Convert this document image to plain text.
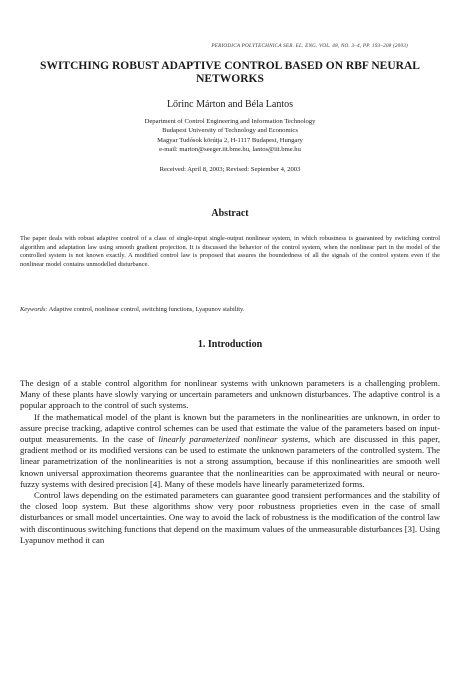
PERIODICA POLYTECHNICA SER. EL. ENG. VOL. 48, NO. 3–4, PP. 193–208 (2003)
SWITCHING ROBUST ADAPTIVE CONTROL BASED ON RBF NEURAL NETWORKS
Lőrinc Márton and Béla Lantos
Department of Control Engineering and Information Technology
Budapest University of Technology and Economics
Magyar Tudósok körútja 2, H-1117 Budapest, Hungary
e-mail: marton@seeger.iit.bme.hu, lantos@iit.bme.hu
Received: April 8, 2003; Revised: September 4, 2003
Abstract
The paper deals with robust adaptive control of a class of single-input single-output nonlinear system, in which robustness is guaranteed by switching control algorithm and adaptation law using smooth gradient projection. It is discussed the behavior of the control system, when the nonlinear part in the model of the controlled system is not known exactly. A modified control law is proposed that assures the boundedness of all the signals of the control system even if the nonlinear model contains unmodelled disturbance.
Keywords: Adaptive control, nonlinear control, switching functions, Lyapunov stability.
1. Introduction

The design of a stable control algorithm for nonlinear systems with unknown parameters is a challenging problem. Many of these plants have slowly varying or uncertain parameters and unknown disturbances. The adaptive control is a popular approach to the control of such systems.

If the mathematical model of the plant is known but the parameters in the nonlinearities are unknown, in order to assure precise tracking, adaptive control schemes can be used that estimate the value of the parameters based on input-output measurements. In the case of linearly parameterized nonlinear systems, which are discussed in this paper, gradient method or its modified versions can be used to estimate the unknown parameters of the controlled system. The linear parametrization of the nonlinearities is not a strong assumption, because if this nonlinearities are smooth well known universal approximation theorems guarantee that the nonlinearities can be approximated with neural or neuro-fuzzy systems with desired precision [4]. Many of these models have linearly parameterized forms.

Control laws depending on the estimated parameters can guarantee good transient performances and the stability of the closed loop system. But these algorithms show very poor robustness proprieties even in the case of small disturbances or small model uncertainties. One way to avoid the lack of robustness is the modification of the control law with discontinuous switching functions that depend on the maximum values of the unmeasurable disturbances [3]. Using Lyapunov method it can
